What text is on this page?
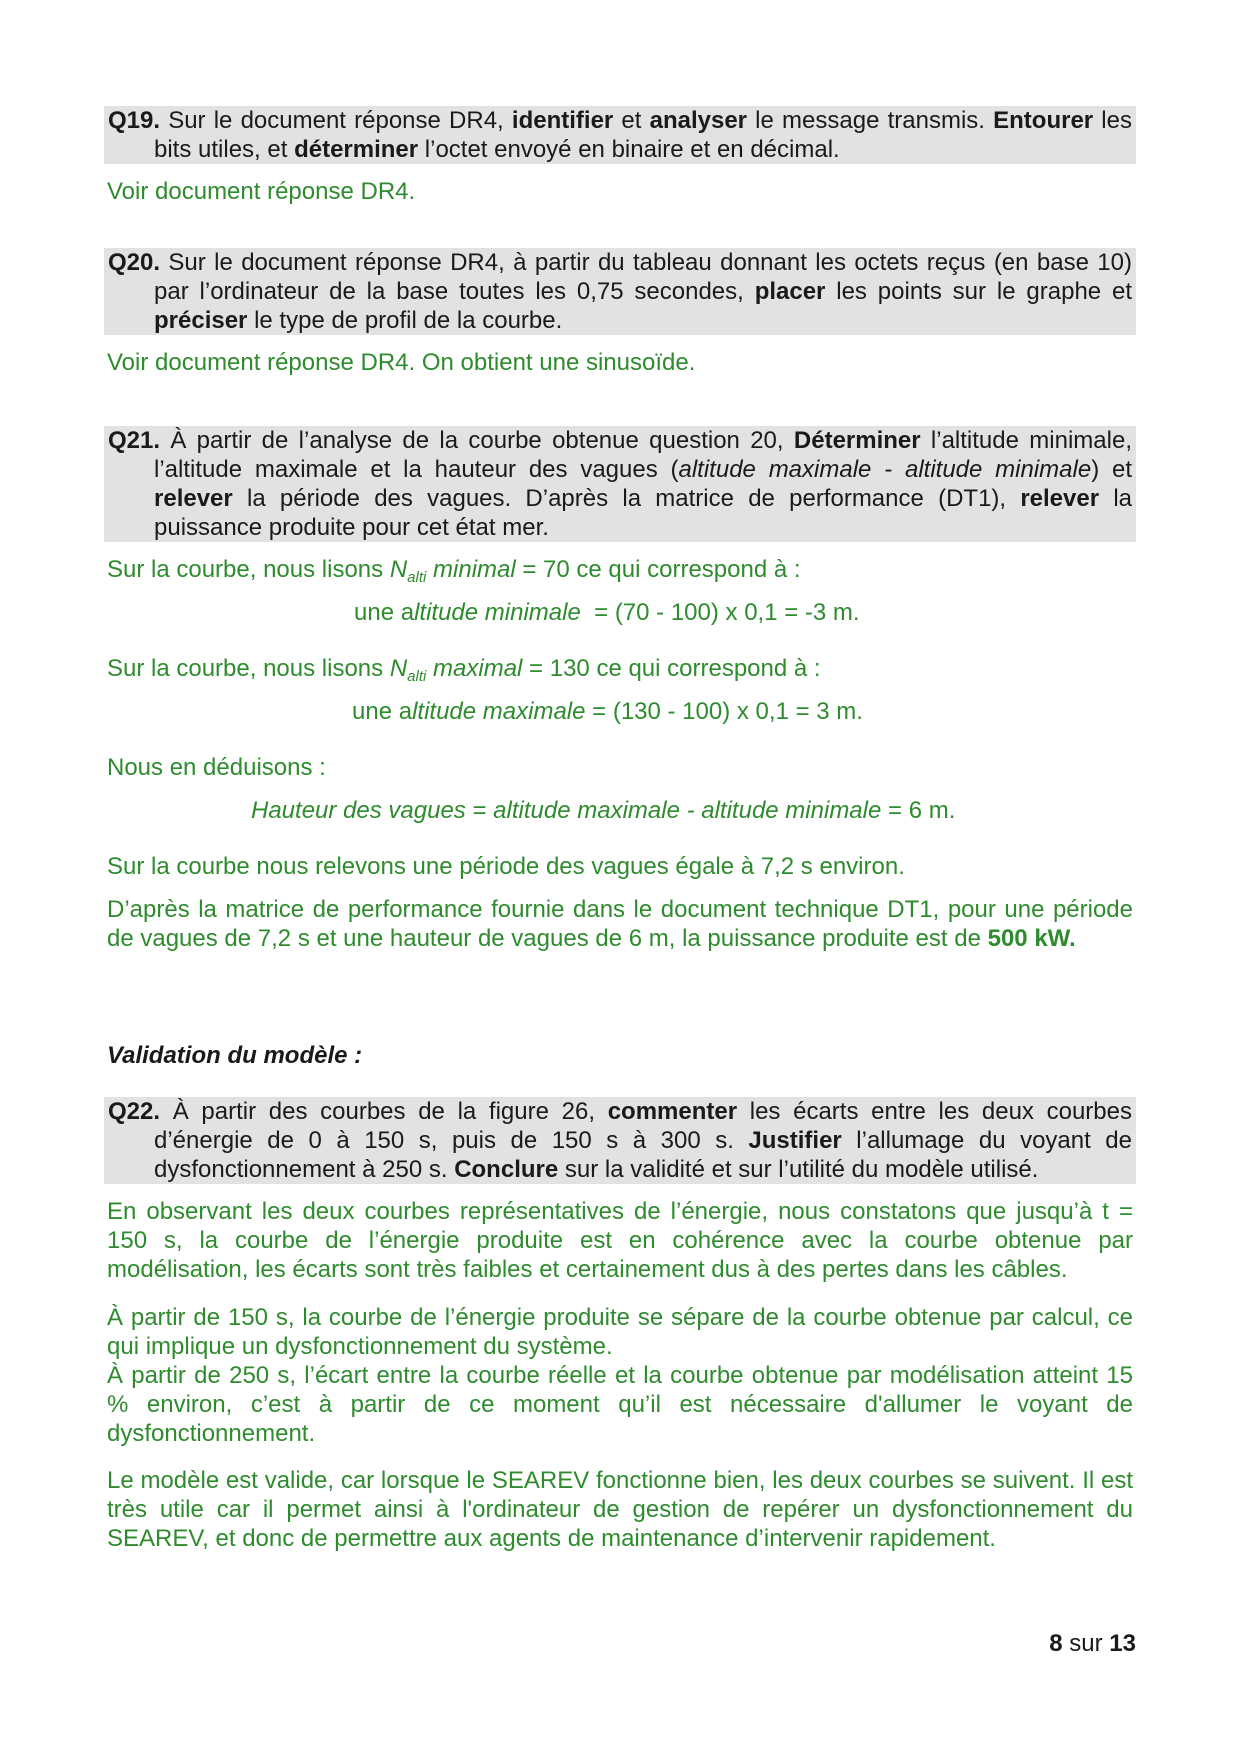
Q19. Sur le document réponse DR4, identifier et analyser le message transmis. Entourer les bits utiles, et déterminer l’octet envoyé en binaire et en décimal.

Voir document réponse DR4.

Q20. Sur le document réponse DR4, à partir du tableau donnant les octets reçus (en base 10) par l’ordinateur de la base toutes les 0,75 secondes, placer les points sur le graphe et préciser le type de profil de la courbe.

Voir document réponse DR4. On obtient une sinusoïde.

Q21. À partir de l’analyse de la courbe obtenue question 20, Déterminer l’altitude minimale, l’altitude maximale et la hauteur des vagues (altitude maximale - altitude minimale) et relever la période des vagues. D’après la matrice de performance (DT1), relever la puissance produite pour cet état mer.

Sur la courbe, nous lisons $N_{alti}$ minimal = 70 ce qui correspond à :
une altitude minimale  = (70 - 100) x 0,1 = -3 m.
Sur la courbe, nous lisons $N_{alti}$ maximal = 130 ce qui correspond à :
une altitude maximale = (130 - 100) x 0,1 = 3 m.
Nous en déduisons :
Hauteur des vagues = altitude maximale - altitude minimale = 6 m.
Sur la courbe nous relevons une période des vagues égale à 7,2 s environ.

D’après la matrice de performance fournie dans le document technique DT1, pour une période de vagues de 7,2 s et une hauteur de vagues de 6 m, la puissance produite est de 500 kW.

Validation du modèle :

Q22. À partir des courbes de la figure 26, commenter les écarts entre les deux courbes d’énergie de 0 à 150 s, puis de 150 s à 300 s. Justifier l’allumage du voyant de dysfonctionnement à 250 s. Conclure sur la validité et sur l’utilité du modèle utilisé.

En observant les deux courbes représentatives de l’énergie, nous constatons que jusqu’à t = 150 s, la courbe de l’énergie produite est en cohérence avec la courbe obtenue par modélisation, les écarts sont très faibles et certainement dus à des pertes dans les câbles.

À partir de 150 s, la courbe de l’énergie produite se sépare de la courbe obtenue par calcul, ce qui implique un dysfonctionnement du système.

À partir de 250 s, l’écart entre la courbe réelle et la courbe obtenue par modélisation atteint 15 % environ, c’est à partir de ce moment qu’il est nécessaire d'allumer le voyant de dysfonctionnement.

Le modèle est valide, car lorsque le SEAREV fonctionne bien, les deux courbes se suivent. Il est très utile car il permet ainsi à l'ordinateur de gestion de repérer un dysfonctionnement du SEAREV, et donc de permettre aux agents de maintenance d’intervenir rapidement.

8 sur 13
